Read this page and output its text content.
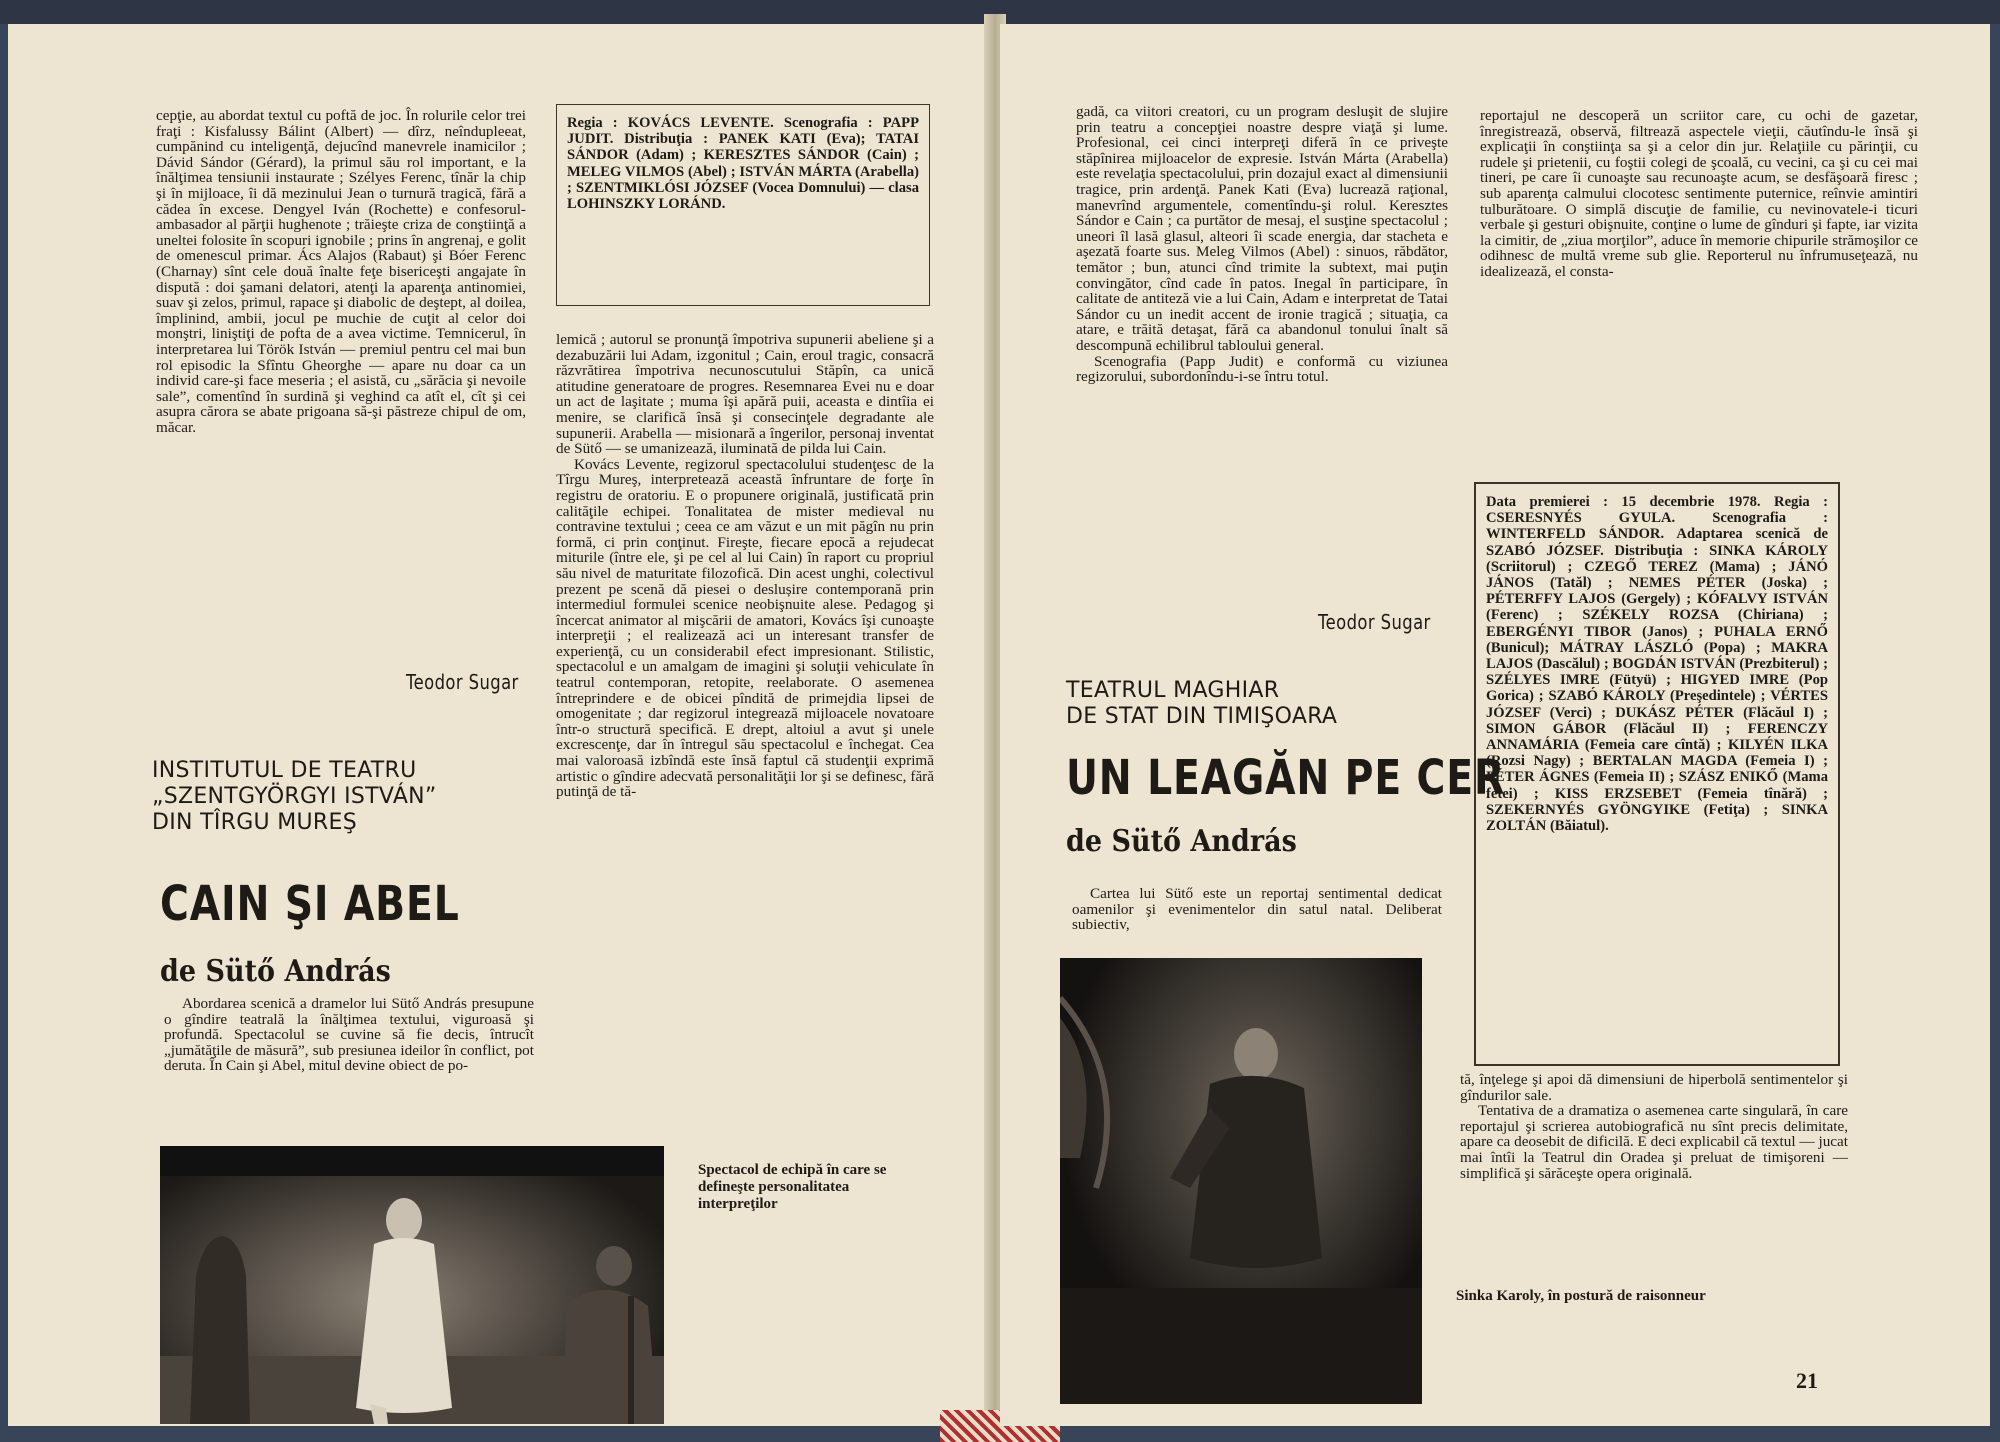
cepţie, au abordat textul cu poftă de joc. În rolurile celor trei fraţi : Kisfalussy Bálint (Albert) — dîrz, neîndupleeat, cumpănind cu inteligenţă, dejucînd manevrele inamicilor ; Dávid Sándor (Gérard), la primul său rol important, e la înălţimea tensiunii instaurate ; Szélyes Ferenc, tînăr la chip şi în mijloace, îi dă mezinului Jean o turnură tragică, fără a cădea în excese. Dengyel Iván (Rochette) e confesorul-ambasador al părţii hughenote ; trăieşte criza de conştiinţă a uneltei folosite în scopuri ignobile ; prins în angrenaj, e golit de omenescul primar. Ács Alajos (Rabaut) şi Bóer Ferenc (Charnay) sînt cele două înalte feţe bisericeşti angajate în dispută : doi şamani delatori, atenţi la aparenţa antinomiei, suav şi zelos, primul, rapace şi diabolic de deştept, al doilea, împlinind, ambii, jocul pe muchie de cuţit al celor doi monştri, liniştiţi de pofta de a avea victime. Temnicerul, în interpretarea lui Török István — premiul pentru cel mai bun rol episodic la Sfîntu Gheorghe — apare nu doar ca un individ care-şi face meseria ; el asistă, cu „sărăcia şi nevoile sale”, comentînd în surdină şi veghind ca atît el, cît şi cei asupra cărora se abate prigoana să-şi păstreze chipul de om, măcar.

Teodor Sugar

Regia : KOVÁCS LEVENTE. Scenografia : PAPP JUDIT. Distribuţia : PANEK KATI (Eva); TATAI SÁNDOR (Adam) ; KERESZTES SÁNDOR (Cain) ; MELEG VILMOS (Abel) ; ISTVÁN MÁRTA (Arabella) ; SZENTMIKLÓSI JÓZSEF (Vocea Domnului) — clasa LOHINSZKY LORÁND.

lemică ; autorul se pronunţă împotriva supunerii abeliene şi a dezabuzării lui Adam, izgonitul ; Cain, eroul tragic, consacră răzvrătirea împotriva necunoscutului Stăpîn, ca unică atitudine generatoare de progres. Resemnarea Evei nu e doar un act de laşitate ; muma îşi apără puii, aceasta e dintîia ei menire, se clarifică însă şi consecinţele degradante ale supunerii. Arabella — misionară a îngerilor, personaj inventat de Sütő — se umanizează, iluminată de pilda lui Cain.

Kovács Levente, regizorul spectacolului studenţesc de la Tîrgu Mureş, interpretează această înfruntare de forţe în registru de oratoriu. E o propunere originală, justificată prin calităţile echipei. Tonalitatea de mister medieval nu contravine textului ; ceea ce am văzut e un mit păgîn nu prin formă, ci prin conţinut. Fireşte, fiecare epocă a rejudecat miturile (între ele, şi pe cel al lui Cain) în raport cu propriul său nivel de maturitate filozofică. Din acest unghi, colectivul prezent pe scenă dă piesei o deslușire contemporană prin intermediul formulei scenice neobişnuite alese. Pedagog şi încercat animator al mişcării de amatori, Kovács îşi cunoaşte interpreţii ; el realizează aci un interesant transfer de experienţă, cu un considerabil efect impresionant. Stilistic, spectacolul e un amalgam de imagini şi soluţii vehiculate în teatrul contemporan, retopite, reelaborate. O asemenea întreprindere e de obicei pîndită de primejdia lipsei de omogenitate ; dar regizorul integrează mijloacele novatoare într-o structură specifică. E drept, altoiul a avut şi unele excrescenţe, dar în întregul său spectacolul e închegat. Cea mai valoroasă izbîndă este însă faptul că studenţii exprimă artistic o gîndire adecvată personalităţii lor şi se definesc, fără putinţă de tă-

INSTITUTUL DE TEATRU
„SZENTGYÖRGYI ISTVÁN”
DIN TÎRGU MUREŞ
CAIN ŞI ABEL
de Sütő András

Abordarea scenică a dramelor lui Sütő András presupune o gîndire teatrală la înălţimea textului, viguroasă şi profundă. Spectacolul se cuvine să fie decis, întrucît „jumătăţile de măsură”, sub presiunea ideilor în conflict, pot deruta. În Cain şi Abel, mitul devine obiect de po-

Spectacol de echipă în care se defineşte personalitatea interpreţilor

gadă, ca viitori creatori, cu un program desluşit de slujire prin teatru a concepţiei noastre despre viaţă şi lume. Profesional, cei cinci interpreţi diferă în ce priveşte stăpînirea mijloacelor de expresie. István Márta (Arabella) este revelaţia spectacolului, prin dozajul exact al dimensiunii tragice, prin ardenţă. Panek Kati (Eva) lucrează raţional, manevrînd argumentele, comentîndu-şi rolul. Keresztes Sándor e Cain ; ca purtător de mesaj, el susţine spectacolul ; uneori îl lasă glasul, alteori îi scade energia, dar stacheta e aşezată foarte sus. Meleg Vilmos (Abel) : sinuos, răbdător, temător ; bun, atunci cînd trimite la subtext, mai puţin convingător, cînd cade în patos. Inegal în participare, în calitate de antiteză vie a lui Cain, Adam e interpretat de Tatai Sándor cu un inedit accent de ironie tragică ; situaţia, ca atare, e trăită detaşat, fără ca abandonul tonului înalt să descompună echilibrul tabloului general.

Scenografia (Papp Judit) e conformă cu viziunea regizorului, subordonîndu-i-se întru totul.

Teodor Sugar
TEATRUL MAGHIAR
DE STAT DIN TIMIŞOARA
UN LEAGĂN PE CER
de Sütő András

Cartea lui Sütő este un reportaj sentimental dedicat oamenilor şi evenimentelor din satul natal. Deliberat subiectiv,

reportajul ne descoperă un scriitor care, cu ochi de gazetar, înregistrează, observă, filtrează aspectele vieţii, căutîndu-le însă şi explicaţii în conştiinţa sa şi a celor din jur. Relaţiile cu părinţii, cu rudele şi prietenii, cu foştii colegi de şcoală, cu vecini, ca şi cu cei mai tineri, pe care îi cunoaşte sau recunoaşte acum, se desfăşoară firesc ; sub aparenţa calmului clocotesc sentimente puternice, reînvie amintiri tulburătoare. O simplă discuţie de familie, cu nevinovatele-i ticuri verbale şi gesturi obişnuite, conţine o lume de gînduri şi fapte, iar vizita la cimitir, de „ziua morţilor”, aduce în memorie chipurile strămoşilor ce odihnesc de multă vreme sub glie. Reporterul nu înfrumuseţează, nu idealizează, el consta-

Data premierei : 15 decembrie 1978. Regia : CSERESNYÉS GYULA. Scenografia : WINTERFELD SÁNDOR. Adaptarea scenică de SZABÓ JÓZSEF. Distribuţia : SINKA KÁROLY (Scriitorul) ; CZEGŐ TEREZ (Mama) ; JÁNÓ JÁNOS (Tatăl) ; NEMES PÉTER (Joska) ; PÉTERFFY LAJOS (Gergely) ; KÓFALVY ISTVÁN (Ferenc) ; SZÉKELY ROZSA (Chiriana) ; EBERGÉNYI TIBOR (Janos) ; PUHALA ERNŐ (Bunicul); MÁTRAY LÁSZLÓ (Popa) ; MAKRA LAJOS (Dascălul) ; BOGDÁN ISTVÁN (Prezbiterul) ; SZÉLYES IMRE (Fütyü) ; HIGYED IMRE (Pop Gorica) ; SZABÓ KÁROLY (Preşedintele) ; VÉRTES JÓZSEF (Verci) ; DUKÁSZ PÉTER (Flăcăul I) ; SIMON GÁBOR (Flăcăul II) ; FERENCZY ANNAMÁRIA (Femeia care cîntă) ; KILYÉN ILKA (Rozsi Nagy) ; BERTALAN MAGDA (Femeia I) ; PÉTER ÁGNES (Femeia II) ; SZÁSZ ENIKŐ (Mama fetei) ; KISS ERZSEBET (Femeia tînără) ; SZEKERNYÉS GYÖNGYIKE (Fetiţa) ; SINKA ZOLTÁN (Băiatul).

tă, înţelege şi apoi dă dimensiuni de hiperbolă sentimentelor şi gîndurilor sale.

Tentativa de a dramatiza o asemenea carte singulară, în care reportajul şi scrierea autobiografică nu sînt precis delimitate, apare ca deosebit de dificilă. E deci explicabil că textul — jucat mai întîi la Teatrul din Oradea şi preluat de timişoreni — simplifică şi sărăceşte opera originală.

Sinka Karoly, în postură de raisonneur
21
